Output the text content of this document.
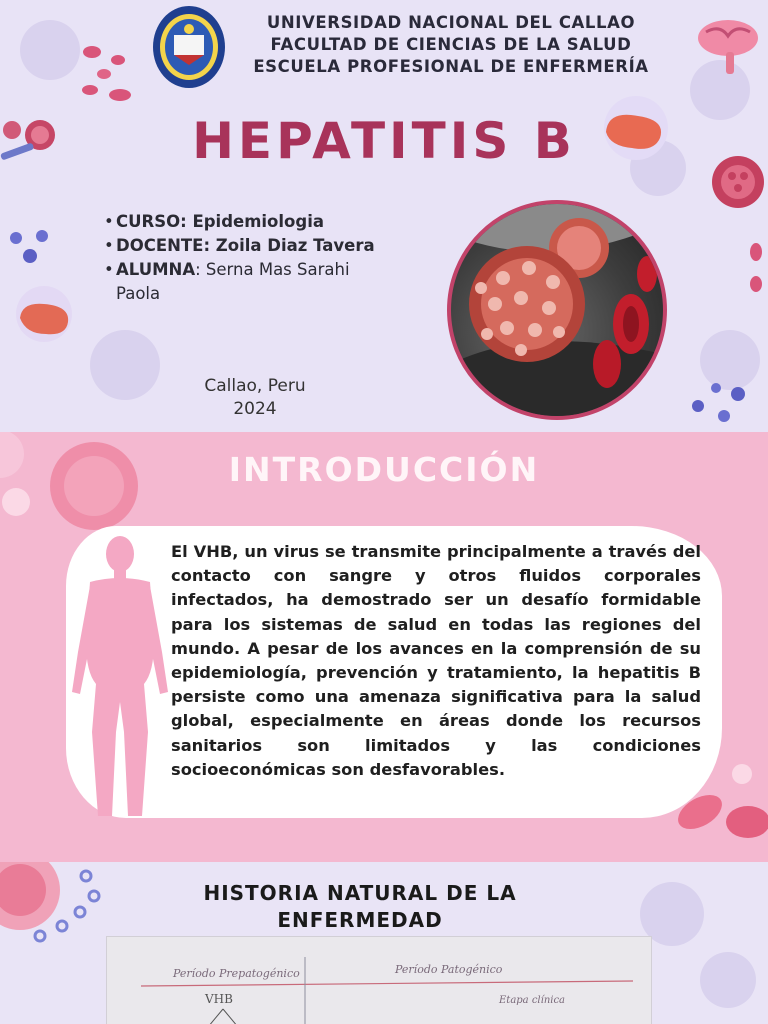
UNIVERSIDAD NACIONAL DEL CALLAO
FACULTAD DE CIENCIAS DE LA SALUD
ESCUELA PROFESIONAL DE ENFERMERÍA
HEPATITIS B
• CURSO: Epidemiologia
• DOCENTE: Zoila Diaz Tavera
• ALUMNA: Serna Mas Sarahi
Paola
Callao, Peru
2024
INTRODUCCIÓN

El VHB, un virus se transmite principalmente a través del contacto con sangre y otros fluidos corporales infectados, ha demostrado ser un desafío formidable para los sistemas de salud en todas las regiones del mundo. A pesar de los avances en la comprensión de su epidemiología, prevención y tratamiento, la hepatitis B persiste como una amenaza significativa para la salud global, especialmente en áreas donde los recursos sanitarios son limitados y las condiciones socioeconómicas son desfavorables.

HISTORIA NATURAL DE LA
ENFERMEDAD
Período Prepatogénico	Período Patogénico
VHB	Etapa clínica
